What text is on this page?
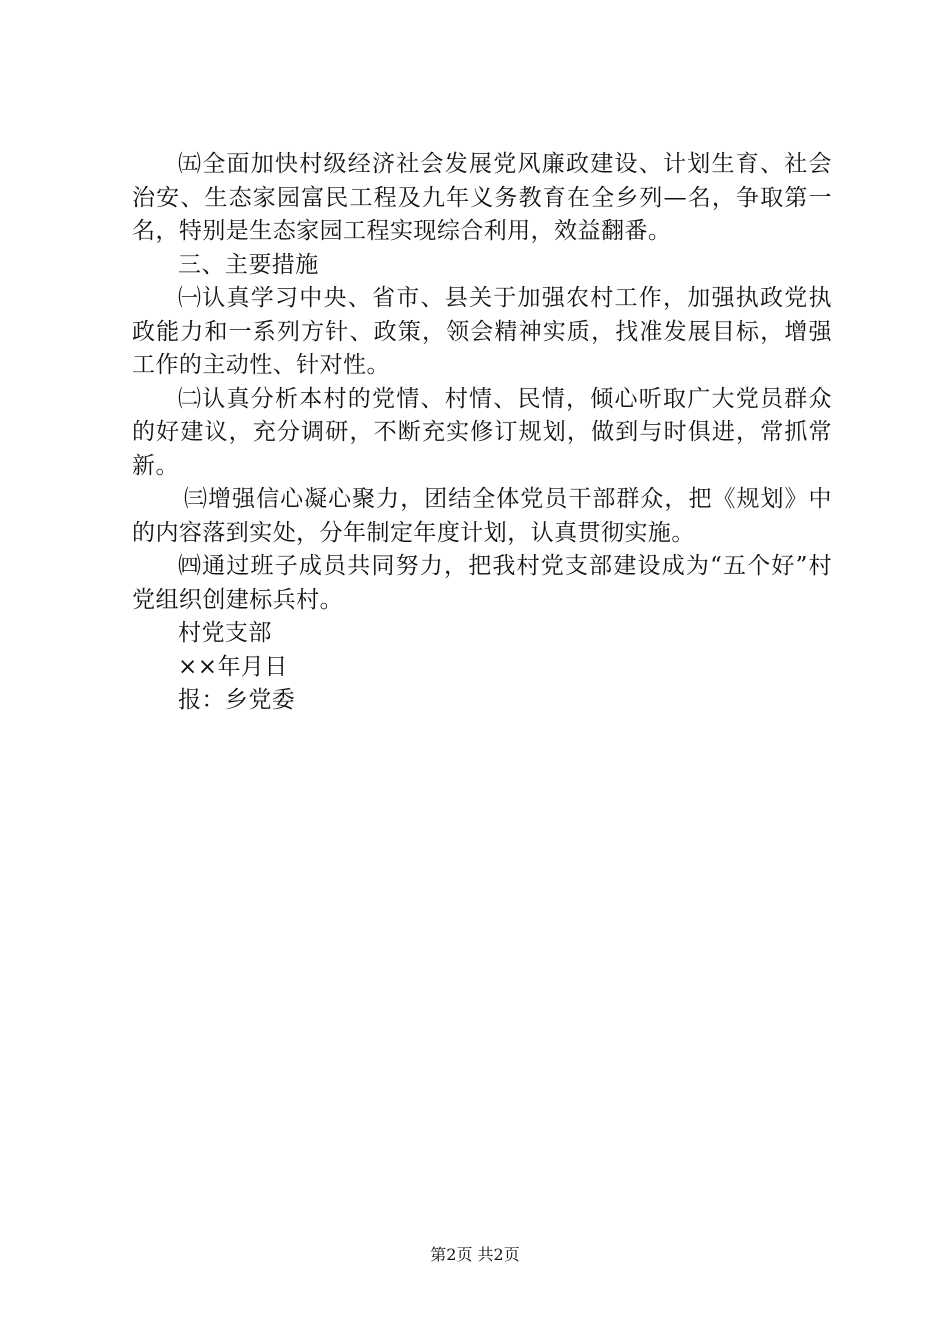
㈤全面加快村级经济社会发展党风廉政建设、计划生育、社会治安、生态家园富民工程及九年义务教育在全乡列—名，争取第一名，特别是生态家园工程实现综合利用，效益翻番。

三、主要措施

㈠认真学习中央、省市、县关于加强农村工作，加强执政党执政能力和一系列方针、政策，领会精神实质，找准发展目标，增强工作的主动性、针对性。

㈡认真分析本村的党情、村情、民情，倾心听取广大党员群众的好建议，充分调研，不断充实修订规划，做到与时俱进，常抓常新。

㈢增强信心凝心聚力，团结全体党员干部群众，把《规划》中的内容落到实处，分年制定年度计划，认真贯彻实施。

㈣通过班子成员共同努力，把我村党支部建设成为“五个好”村党组织创建标兵村。

村党支部

××年月日

报：乡党委

第2页 共2页
